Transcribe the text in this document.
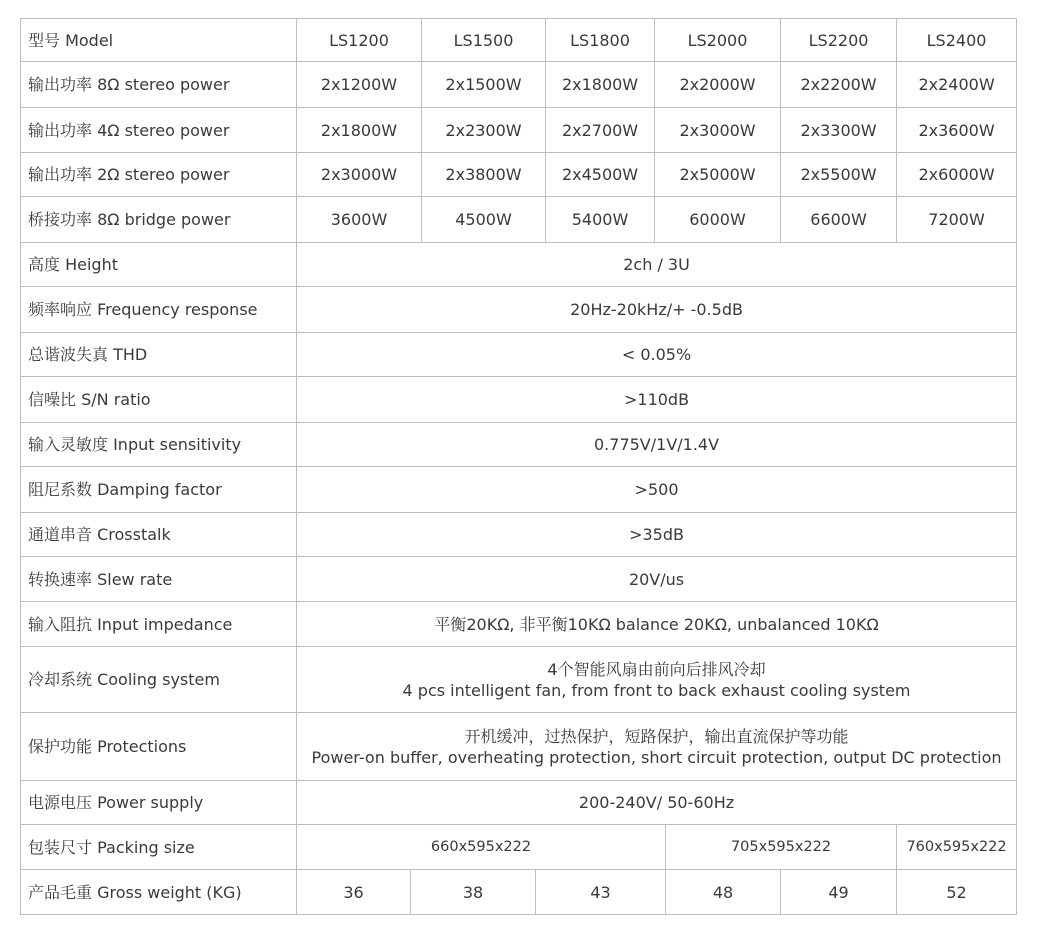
型号 Model	LS1200		LS1500		LS1800	LS2000		LS2200	LS2400
输出功率 8Ω stereo power	2x1200W		2x1500W		2x1800W	2x2000W		2x2200W	2x2400W
输出功率 4Ω stereo power	2x1800W		2x2300W		2x2700W	2x3000W		2x3300W	2x3600W
输出功率 2Ω stereo power	2x3000W		2x3800W		2x4500W	2x5000W		2x5500W	2x6000W
桥接功率 8Ω bridge power	3600W		4500W		5400W	6000W		6600W	7200W
高度 Height	2ch / 3U								
频率响应 Frequency response	20Hz-20kHz/+ -0.5dB								
总谐波失真 THD	< 0.05%								
信噪比 S/N ratio	>110dB								
输入灵敏度 Input sensitivity	0.775V/1V/1.4V								
阻尼系数 Damping factor	>500								
通道串音 Crosstalk	>35dB								
转换速率 Slew rate	20V/us								
输入阻抗 Input impedance	平衡20KΩ, 非平衡10KΩ balance 20KΩ, unbalanced 10KΩ								
冷却系统 Cooling system	4个智能风扇由前向后排风冷却
4 pcs intelligent fan, from front to back exhaust cooling system								

保护功能 Protections	开机缓冲，过热保护，短路保护，输出直流保护等功能
Power-on buffer, overheating protection, short circuit protection, output DC protection								

电源电压 Power supply	200-240V/ 50-60Hz								
包装尺寸 Packing size	660x595x222						705x595x222		760x595x222
产品毛重 Gross weight (KG)	36	38		43			48	49	52
